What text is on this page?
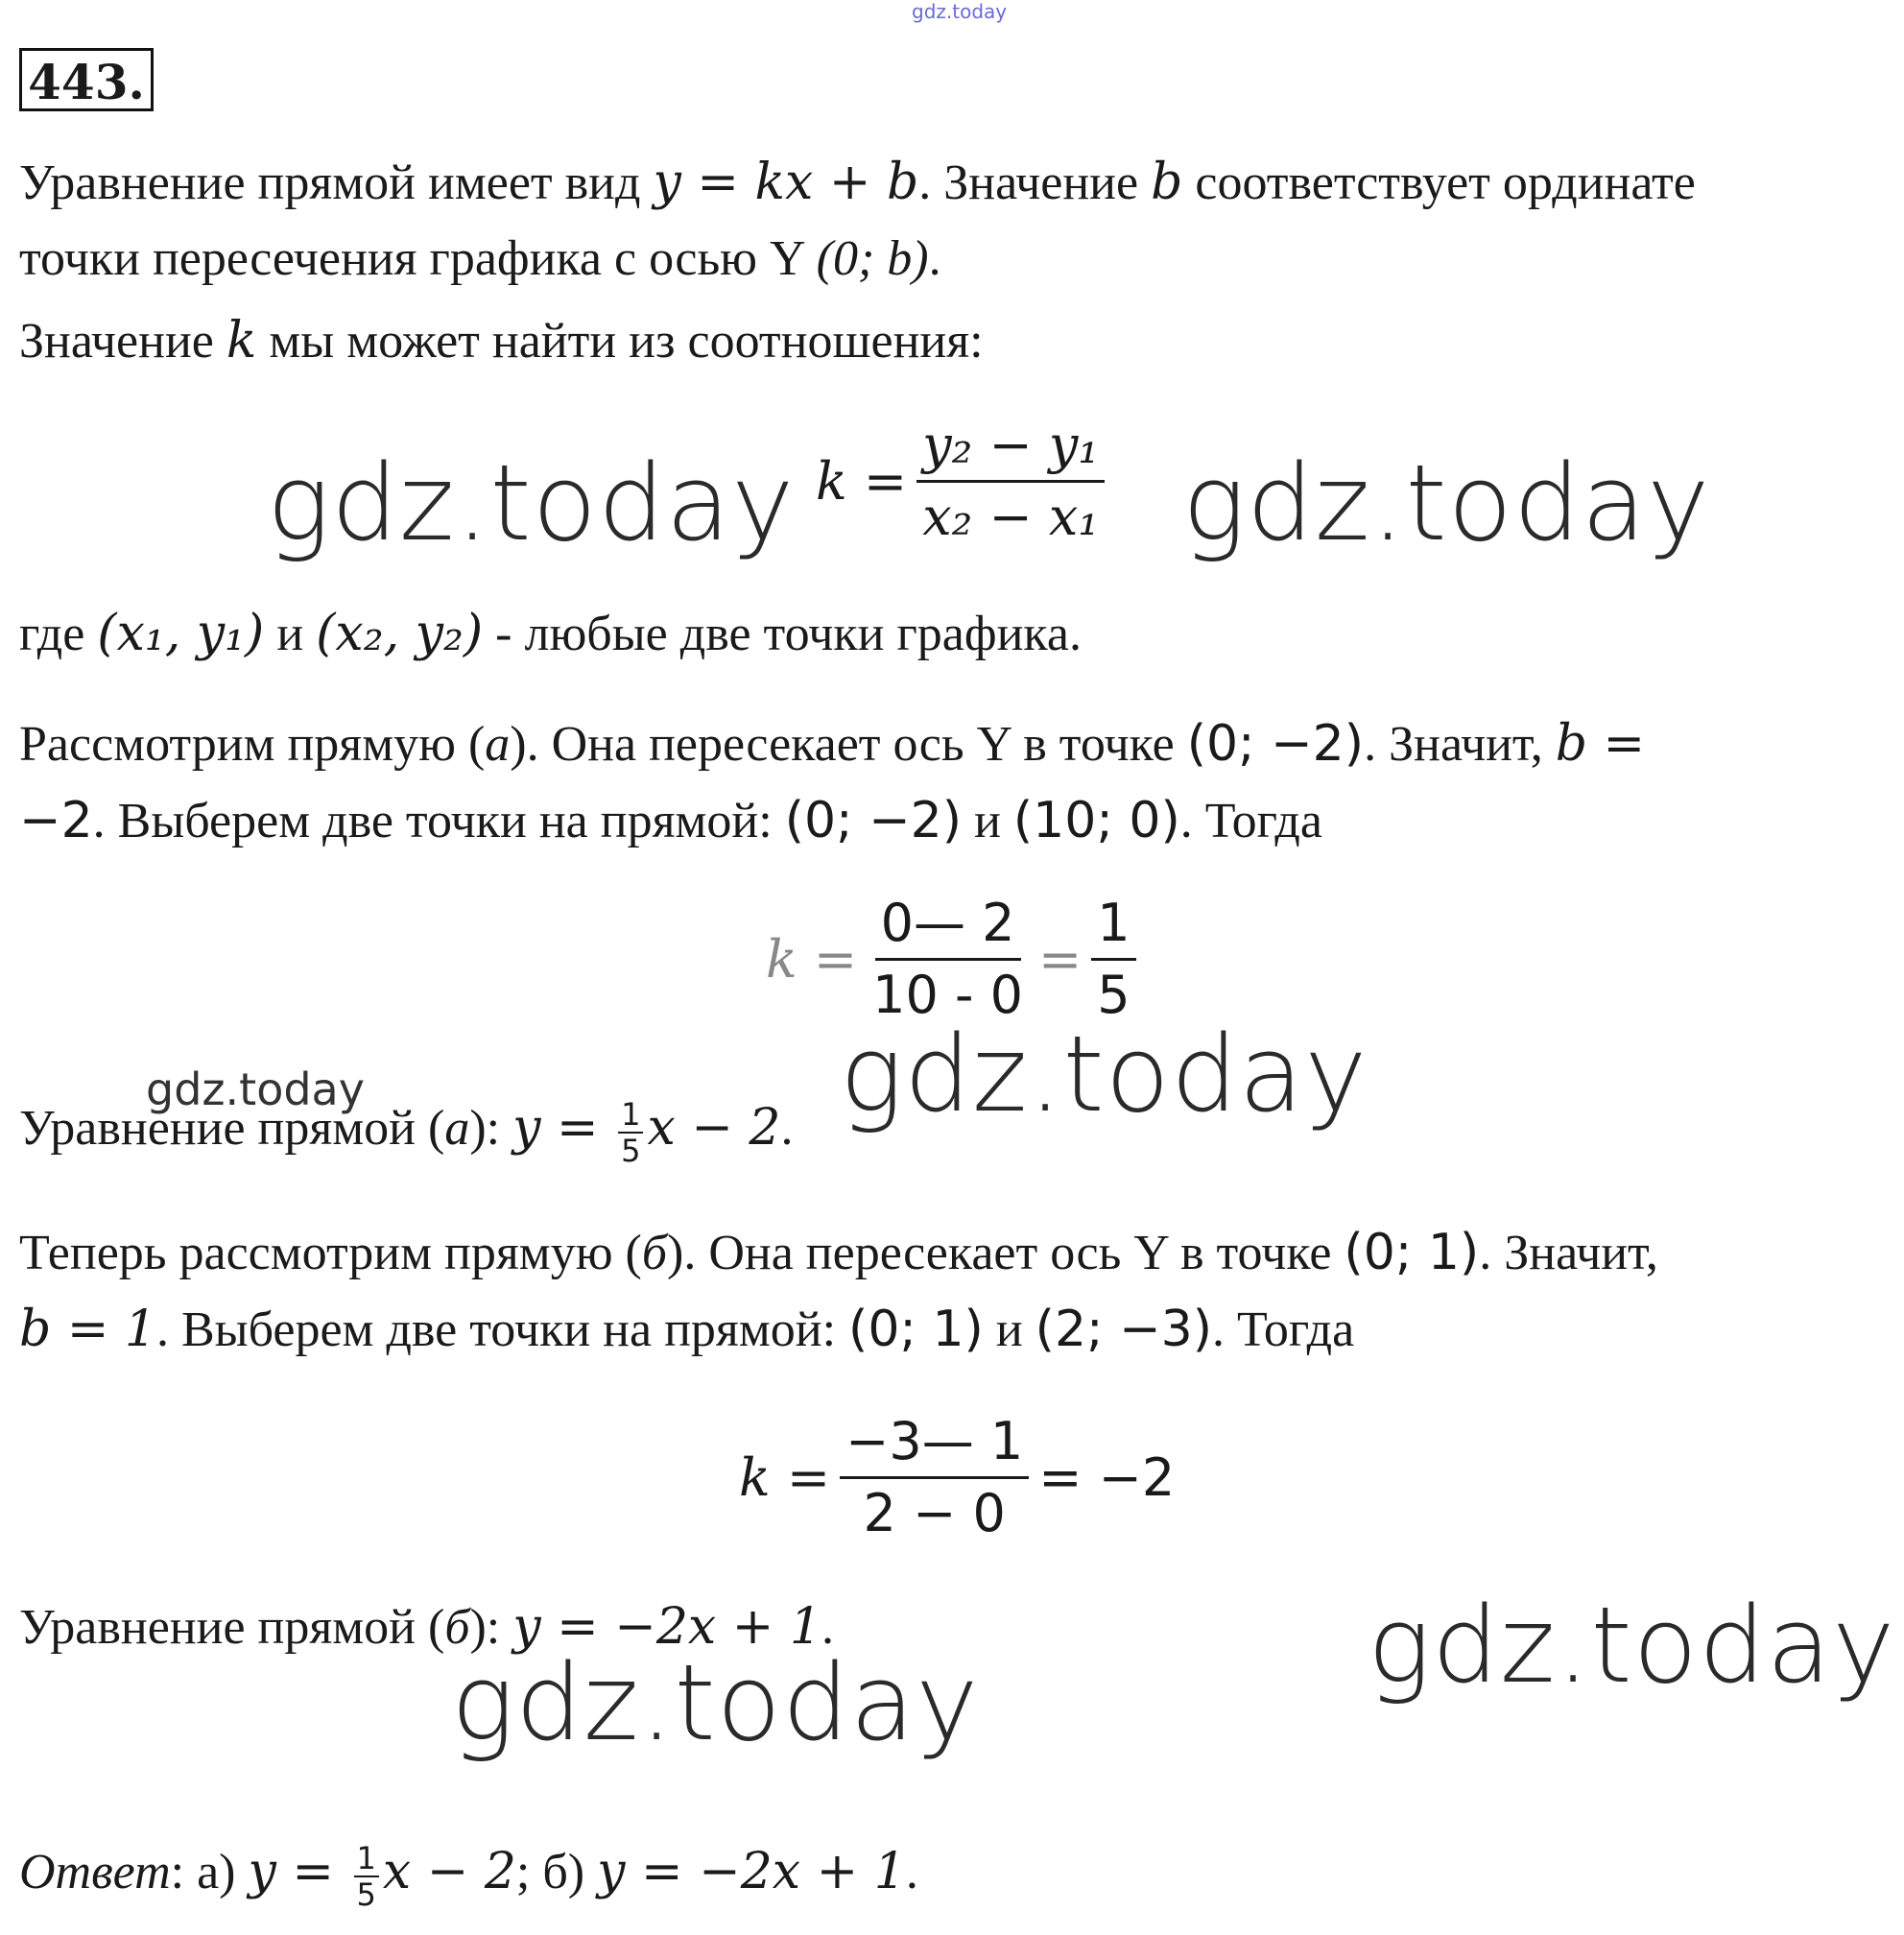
gdz.today
443.
Уравнение прямой имеет вид y = kx + b. Значение b соответствует ординате
точки пересечения графика с осью Y (0; b).
Значение k мы может найти из соотношения:
$k = \frac{\text{y₂ − y₁}}{\text{x₂ − x₁}}$
gdz.today	gdz.today
где (x₁, y₁) и (x₂, y₂) - любые две точки графика.
Рассмотрим прямую (а). Она пересекает ось Y в точке (0; −2). Значит, b =
−2. Выберем две точки на прямой: (0; −2) и (10; 0). Тогда
$k = \frac{0— 2}{10 - 0} = \frac{1}{5}$
gdz.today
gdz.today
Уравнение прямой (а): $y = \frac{1}{5}$ x − 2.
Теперь рассмотрим прямую (б). Она пересекает ось Y в точке (0; 1). Значит,
b = 1. Выберем две точки на прямой: (0; 1) и (2; −3). Тогда
$k = \frac{-3— 1}{2 - 0} = -2$
Уравнение прямой (б): y = −2x + 1.	gdz.today
gdz.today
Ответ: а) $y = \frac{1}{5}$ x − 2; б) y = −2x + 1.
